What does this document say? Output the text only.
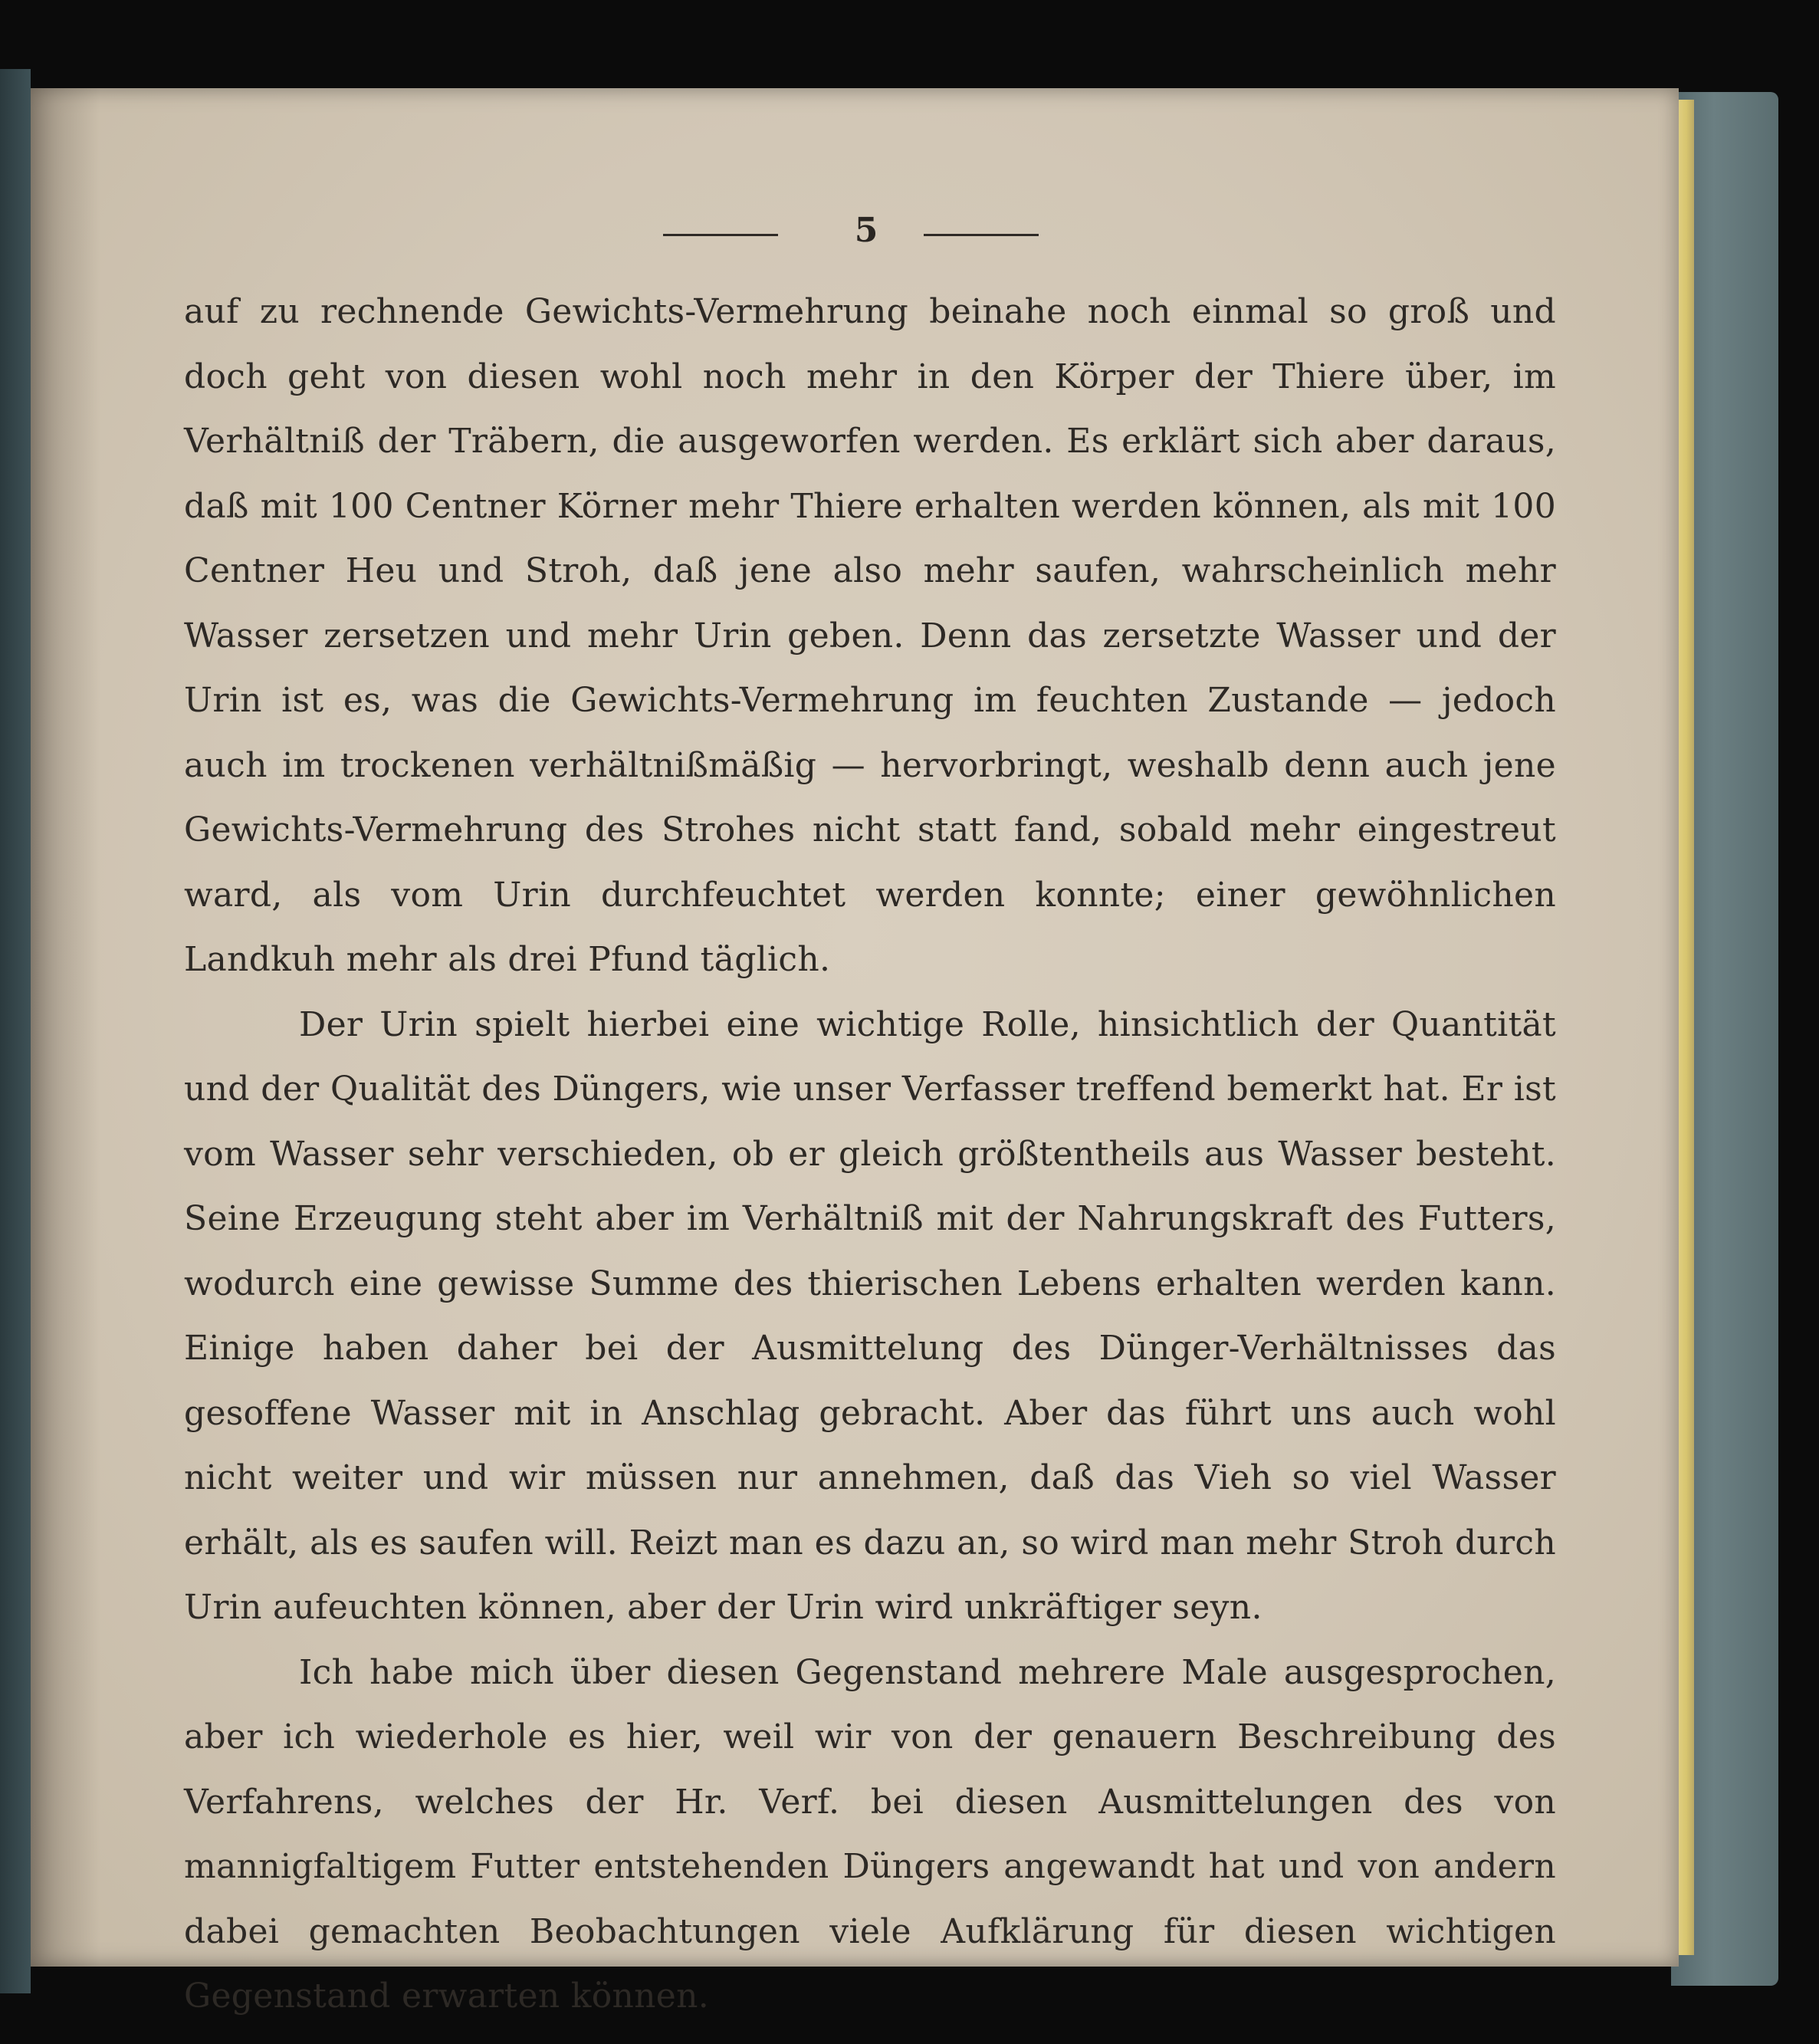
5

auf zu rechnende Gewichts-Vermehrung beinahe noch einmal so groß und doch geht von diesen wohl noch mehr in den Körper der Thiere über, im Verhältniß der Träbern, die ausgeworfen werden. Es erklärt sich aber daraus, daß mit 100 Centner Körner mehr Thiere erhalten werden können, als mit 100 Centner Heu und Stroh, daß jene also mehr saufen, wahrscheinlich mehr Wasser zersetzen und mehr Urin geben. Denn das zersetzte Wasser und der Urin ist es, was die Gewichts-Vermehrung im feuchten Zustande — jedoch auch im trockenen verhältnißmäßig — hervorbringt, weshalb denn auch jene Gewichts-Vermehrung des Strohes nicht statt fand, sobald mehr eingestreut ward, als vom Urin durchfeuchtet werden konnte; einer gewöhnlichen Landkuh mehr als drei Pfund täglich.

Der Urin spielt hierbei eine wichtige Rolle, hinsichtlich der Quantität und der Qualität des Düngers, wie unser Verfasser treffend bemerkt hat. Er ist vom Wasser sehr verschieden, ob er gleich größtentheils aus Wasser besteht. Seine Erzeugung steht aber im Verhältniß mit der Nahrungskraft des Futters, wodurch eine gewisse Summe des thierischen Lebens erhalten werden kann. Einige haben daher bei der Ausmittelung des Dünger-Verhältnisses das gesoffene Wasser mit in Anschlag gebracht. Aber das führt uns auch wohl nicht weiter und wir müssen nur annehmen, daß das Vieh so viel Wasser erhält, als es saufen will. Reizt man es dazu an, so wird man mehr Stroh durch Urin aufeuchten können, aber der Urin wird unkräftiger seyn.

Ich habe mich über diesen Gegenstand mehrere Male ausgesprochen, aber ich wiederhole es hier, weil wir von der genauern Beschreibung des Verfahrens, welches der Hr. Verf. bei diesen Ausmittelungen des von mannigfaltigem Futter entstehenden Düngers angewandt hat und von andern dabei gemachten Beobachtungen viele Aufklärung für diesen wichtigen Gegenstand erwarten können.
